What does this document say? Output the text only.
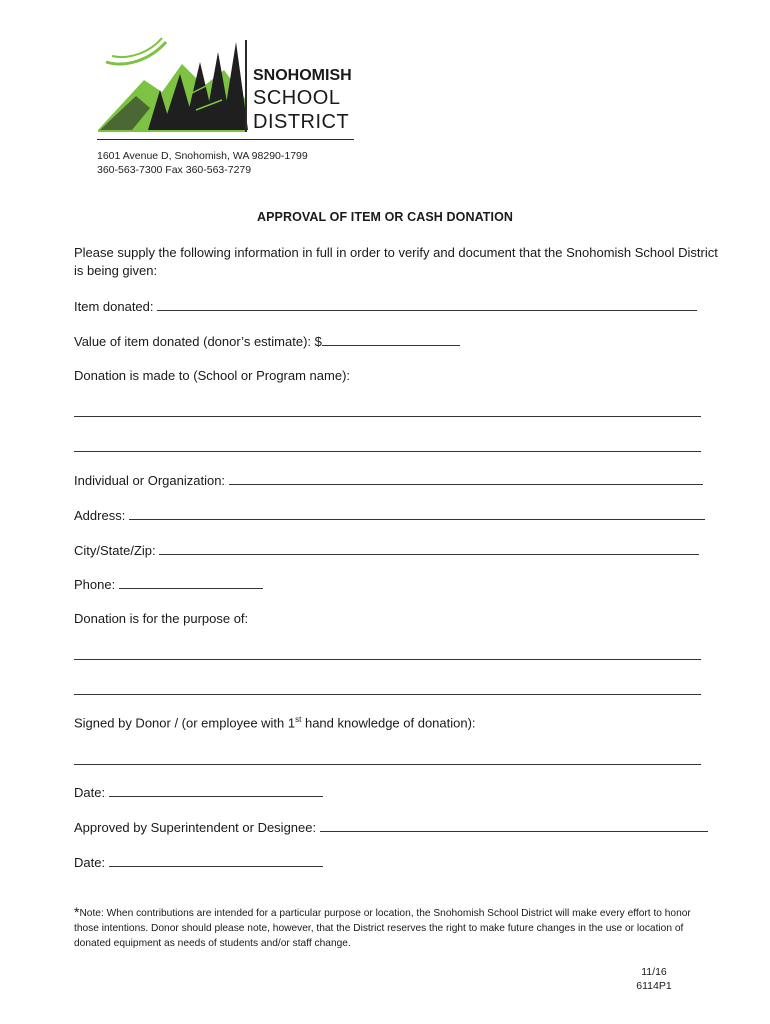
SNOHOMISH
SCHOOL
DISTRICT
1601 Avenue D, Snohomish, WA 98290-1799
360-563-7300 Fax 360-563-7279
APPROVAL OF ITEM OR CASH DONATION
Please supply the following information in full in order to verify and document that the Snohomish School District is being given:
Item donated:
Value of item donated (donor’s estimate): $
Donation is made to (School or Program name):
Individual or Organization:
Address:
City/State/Zip:
Phone:
Donation is for the purpose of:
Signed by Donor / (or employee with 1st hand knowledge of donation):
Date:
Approved by Superintendent or Designee:
Date:
*Note: When contributions are intended for a particular purpose or location, the Snohomish School District will make every effort to honor those intentions. Donor should please note, however, that the District reserves the right to make future changes in the use or location of donated equipment as needs of students and/or staff change.
11/16
6114P1
